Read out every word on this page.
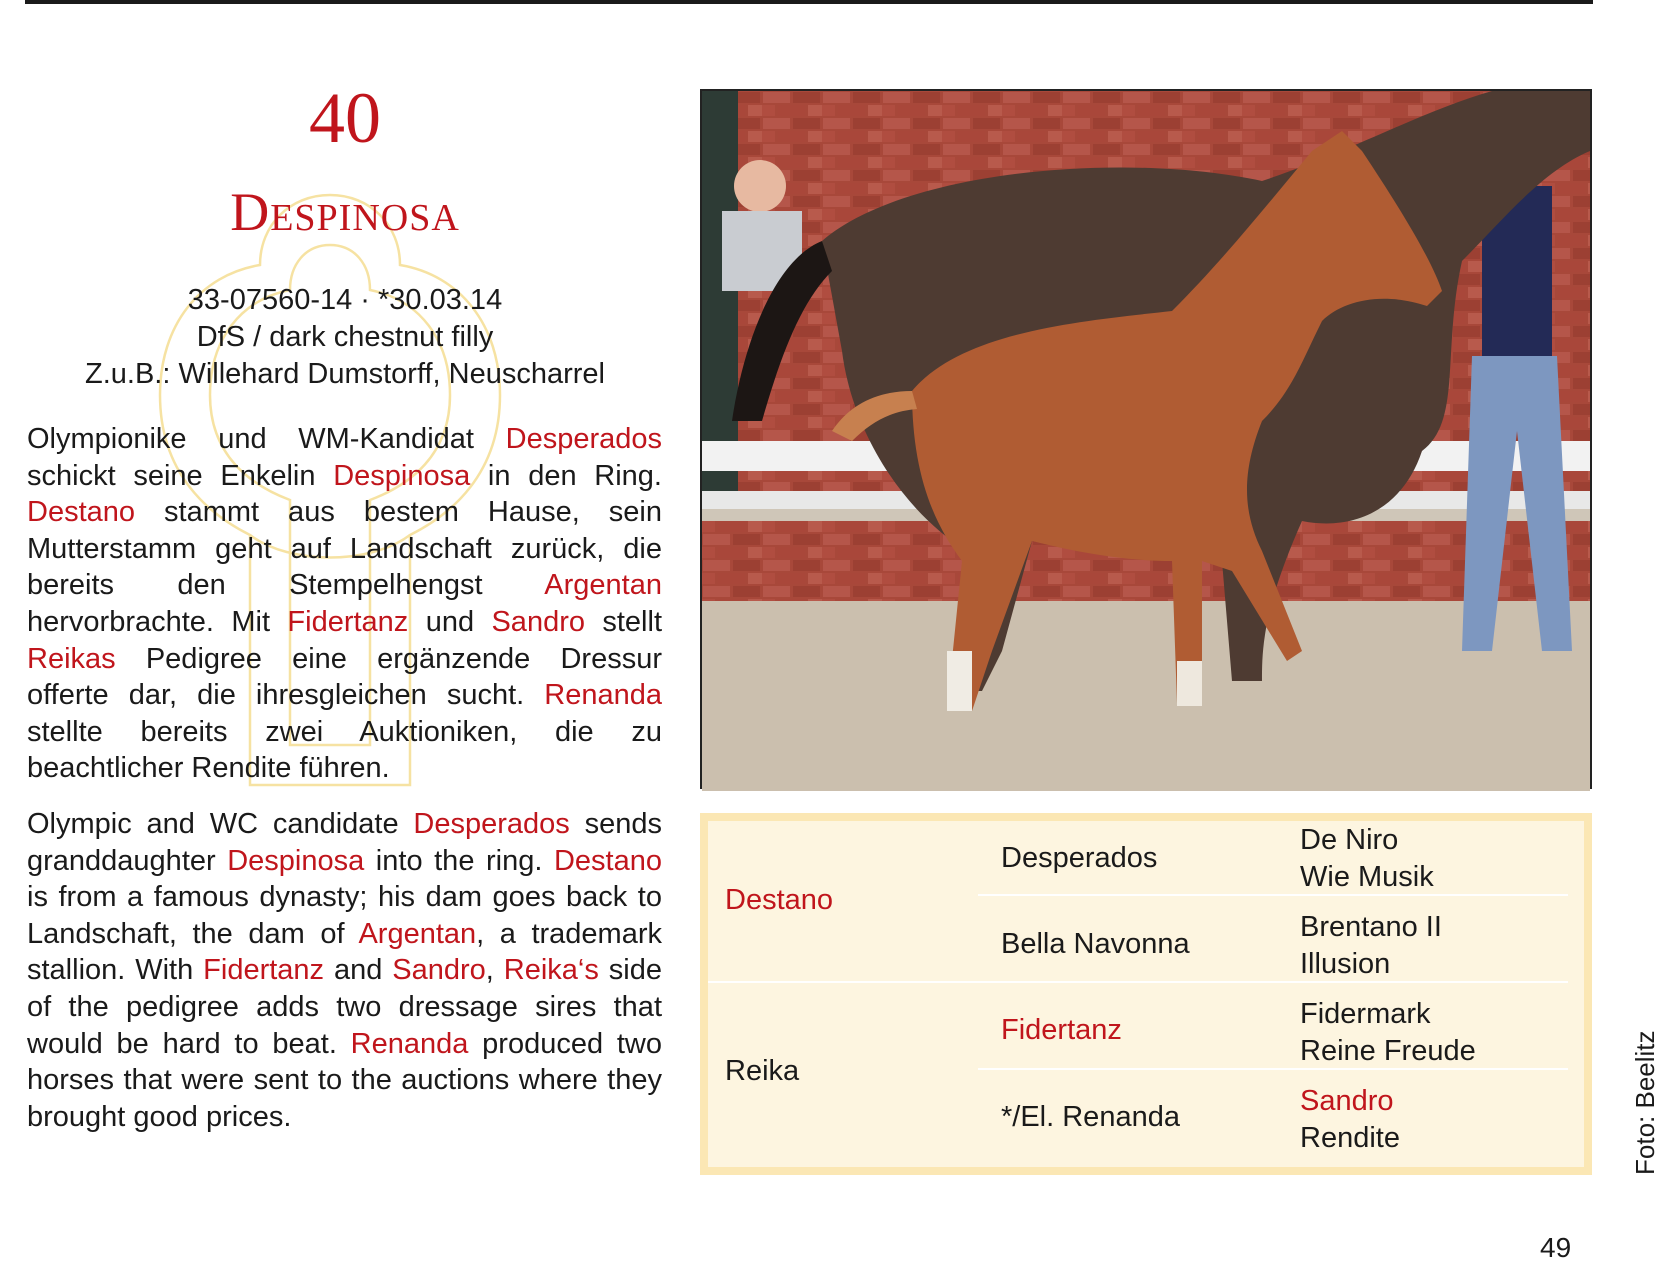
40
Despinosa
33-07560-14 · *30.03.14
DfS / dark chestnut filly
Z.u.B.: Willehard Dumstorff, Neuscharrel

Olympionike und WM-Kandidat Desperados schickt seine Enkelin Despinosa in den Ring. Destano stammt aus bestem Hause, sein Mutterstamm geht auf Landschaft zurück, die bereits den Stempelhengst Argentan hervorbrachte. Mit Fidertanz und Sandro stellt Reikas Pedigree eine ergänzende Dressur offerte dar, die ihresgleichen sucht. Renanda stellte bereits zwei Auktioniken, die zu beachtlicher Rendite führen.

Olympic and WC candidate Desperados sends granddaughter Despinosa into the ring. Destano is from a famous dynasty; his dam goes back to Landschaft, the dam of Argentan, a trademark stallion. With Fidertanz and Sandro, Reika‘s side of the pedigree adds two dressage sires that would be hard to beat. Renanda produced two horses that were sent to the auctions where they brought good prices.

Destano
Reika
Desperados
Bella Navonna
Fidertanz
*/El. Renanda
De Niro
Wie Musik
Brentano II
Illusion
Fidermark
Reine Freude
Sandro
Rendite	Foto: Beelitz
49
